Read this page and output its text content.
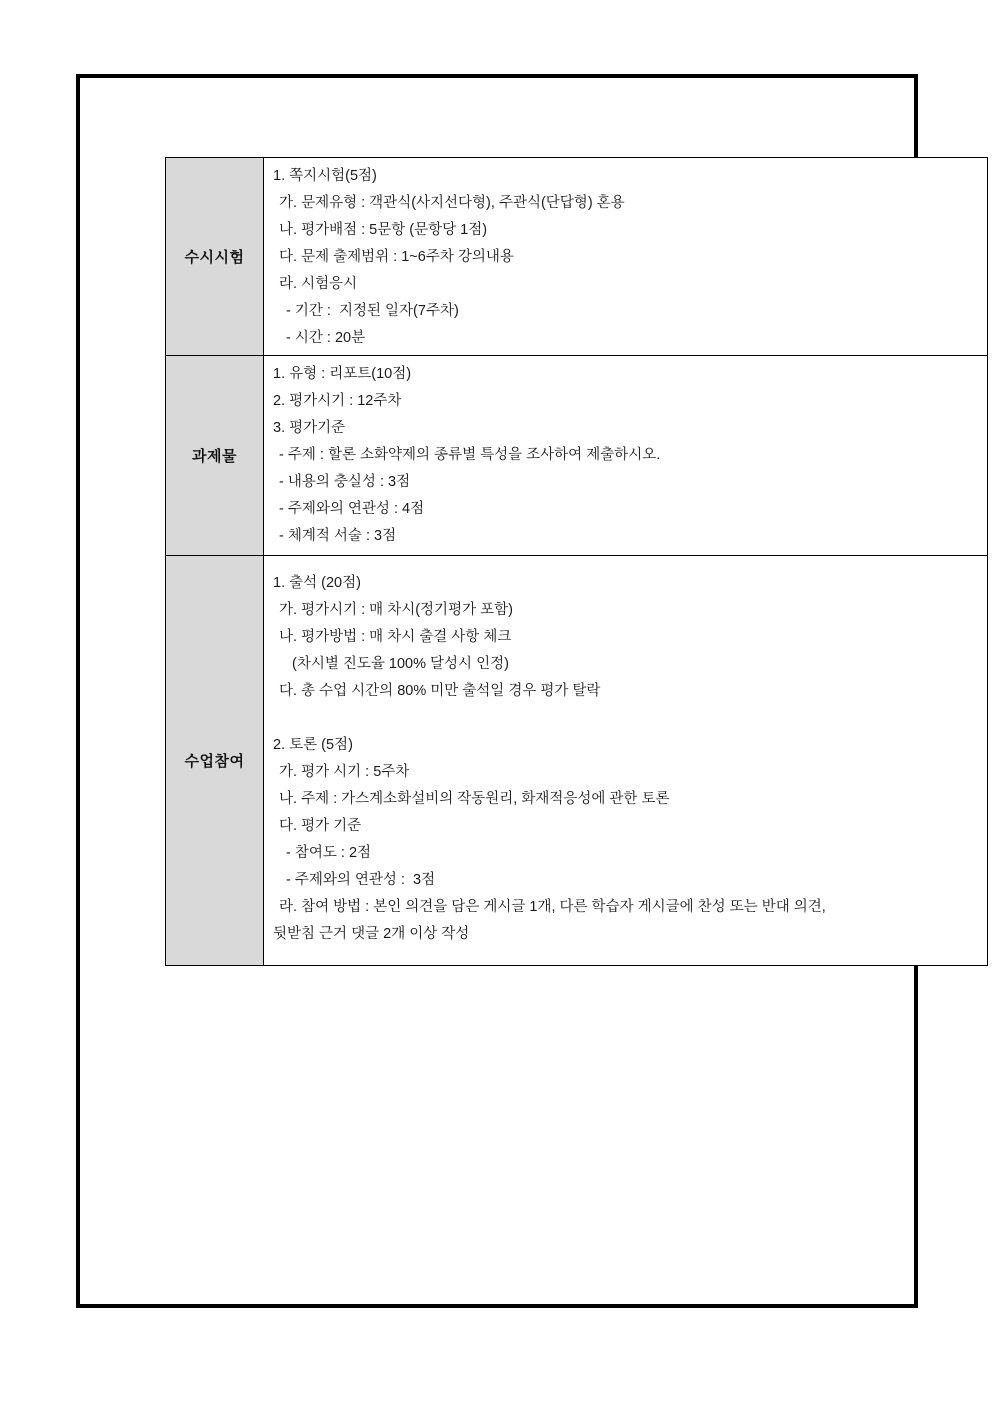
수시시험	
1. 쪽지시험(5점)
가. 문제유형 : 객관식(사지선다형), 주관식(단답형) 혼용
나. 평가배점 : 5문항 (문항당 1점)
다. 문제 출제범위 : 1~6주차 강의내용
라. 시험응시
- 기간 :  지정된 일자(7주차)
- 시간 : 20분

과제물	
1. 유형 : 리포트(10점)
2. 평가시기 : 12주차
3. 평가기준
- 주제 : 할론 소화약제의 종류별 특성을 조사하여 제출하시오.
- 내용의 충실성 : 3점
- 주제와의 연관성 : 4점
- 체계적 서술 : 3점

수업참여	
1. 출석 (20점)
가. 평가시기 : 매 차시(정기평가 포함)
나. 평가방법 : 매 차시 출결 사항 체크
(차시별 진도율 100% 달성시 인정)
다. 총 수업 시간의 80% 미만 출석일 경우 평가 탈락
2. 토론 (5점)
가. 평가 시기 : 5주차
나. 주제 : 가스계소화설비의 작동원리, 화재적응성에 관한 토론
다. 평가 기준
- 참여도 : 2점
- 주제와의 연관성 :  3점
라. 참여 방법 : 본인 의견을 담은 게시글 1개, 다른 학습자 게시글에 찬성 또는 반대 의견,
뒷받침 근거 댓글 2개 이상 작성
